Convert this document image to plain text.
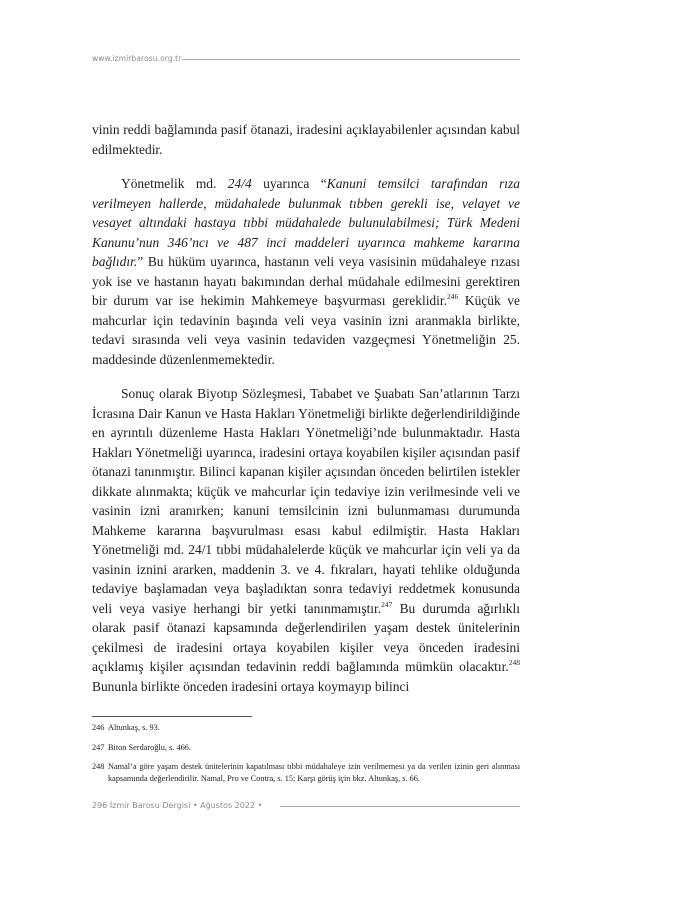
www.izmirbarosu.org.tr

vinin reddi bağlamında pasif ötanazi, iradesini açıklayabilenler açısından kabul edilmektedir.

Yönetmelik md. 24/4 uyarınca “Kanuni temsilci tarafından rıza verilmeyen hallerde, müdahalede bulunmak tıbben gerekli ise, velayet ve vesayet altındaki hastaya tıbbi müdahalede bulunulabilmesi; Türk Medeni Kanunu’nun 346’ncı ve 487 inci maddeleri uyarınca mahkeme kararına bağlıdır.” Bu hüküm uyarınca, hastanın veli veya vasisinin müdahaleye rızası yok ise ve hastanın hayatı bakımından derhal müdahale edilmesini gerektiren bir durum var ise hekimin Mahkemeye başvurması gereklidir.$^{246}$ Küçük ve mahcurlar için tedavinin başında veli veya vasinin izni aranmakla birlikte, tedavi sırasında veli veya vasinin tedaviden vazgeçmesi Yönetmeliğin 25. maddesinde düzenlenmemektedir.

Sonuç olarak Biyotıp Sözleşmesi, Tababet ve Şuabatı San’atlarının Tarzı İcrasına Dair Kanun ve Hasta Hakları Yönetmeliği birlikte değerlendirildiğinde en ayrıntılı düzenleme Hasta Hakları Yönetmeliği’nde bulunmaktadır. Hasta Hakları Yönetmeliği uyarınca, iradesini ortaya koyabilen kişiler açısından pasif ötanazi tanınmıştır. Bilinci kapanan kişiler açısından önceden belirtilen istekler dikkate alınmakta; küçük ve mahcurlar için tedaviye izin verilmesinde veli ve vasinin izni aranırken; kanuni temsilcinin izni bulunmaması durumunda Mahkeme kararına başvurulması esası kabul edilmiştir. Hasta Hakları Yönetmeliği md. 24/1 tıbbi müdahalelerde küçük ve mahcurlar için veli ya da vasinin iznini ararken, maddenin 3. ve 4. fıkraları, hayati tehlike olduğunda tedaviye başlamadan veya başladıktan sonra tedaviyi reddetmek konusunda veli veya vasiye herhangi bir yetki tanınmamıştır.$^{247}$ Bu durumda ağırlıklı olarak pasif ötanazi kapsamında değerlendirilen yaşam destek ünitelerinin çekilmesi de iradesini ortaya koyabilen kişiler veya önceden iradesini açıklamış kişiler açısından tedavinin reddi bağlamında mümkün olacaktır.$^{248}$ Bununla birlikte önceden iradesini ortaya koymayıp bilinci

246 Altunkaş, s. 93.
247 Biton Serdaroğlu, s. 466.
248 Namal’a göre yaşam destek ünitelerinin kapatılması tıbbi müdahaleye izin verilmemesi ya da verilen izinin geri alınması kapsamında değerlendirilir. Namal, Pro ve Contra, s. 15; Karşı görüş için bkz. Altunkaş, s. 66.
296 İzmir Barosu Dergisi • Ağustos 2022 •
